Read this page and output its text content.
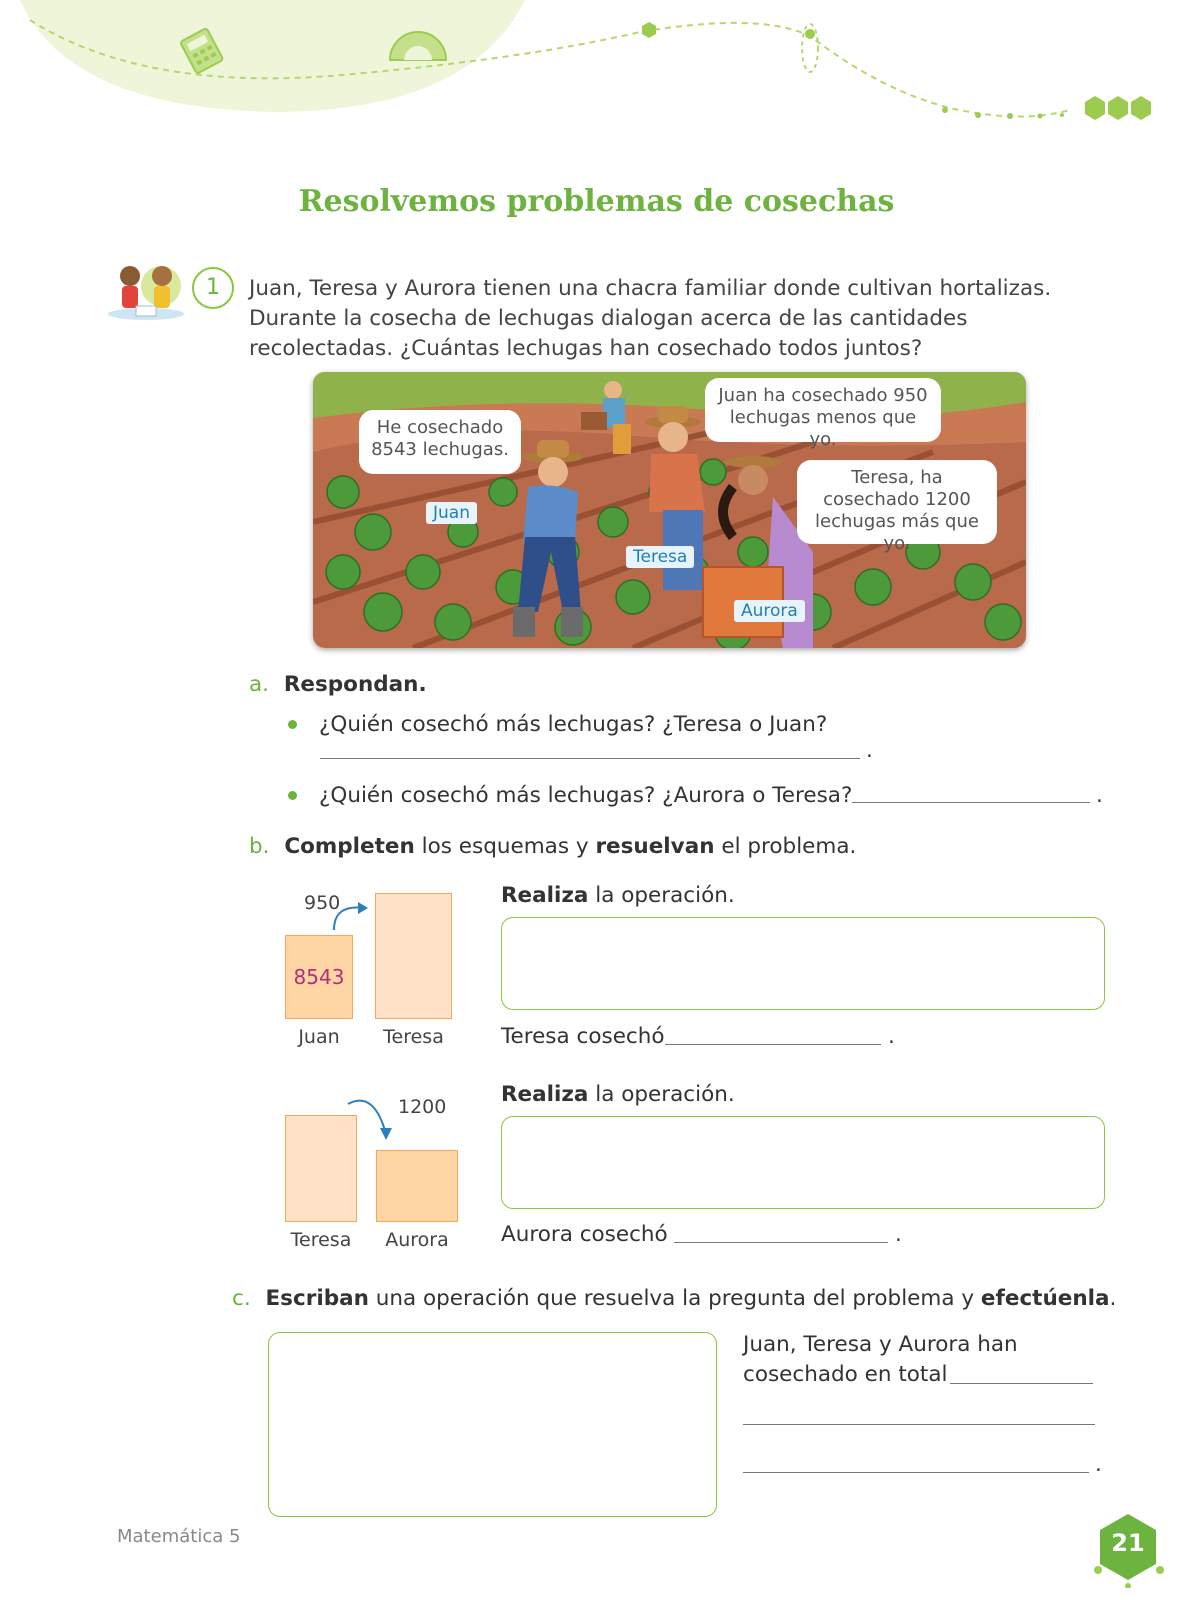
Resolvemos problemas de cosechas
1	Juan, Teresa y Aurora tienen una chacra familiar donde cultivan hortalizas. Durante la cosecha de lechugas dialogan acerca de las cantidades recolectadas. ¿Cuántas lechugas han cosechado todos juntos?
He cosechado 8543 lechugas.
Juan ha cosechado 950 lechugas menos que yo.
Teresa, ha cosechado 1200 lechugas más que yo.
Juan
Teresa
Aurora
a. Respondan.
¿Quién cosechó más lechugas? ¿Teresa o Juan?
.
¿Quién cosechó más lechugas? ¿Aurora o Teresa?	.
b. Completen los esquemas y resuelvan el problema.
950
8543
Juan	Teresa
Realiza la operación.
Teresa cosechó	.
1200
Teresa	Aurora
Realiza la operación.
Aurora cosechó	.
c. Escriban una operación que resuelva la pregunta del problema y efectúenla.
Juan, Teresa y Aurora han cosechado en total
.
Matemática 5	21
